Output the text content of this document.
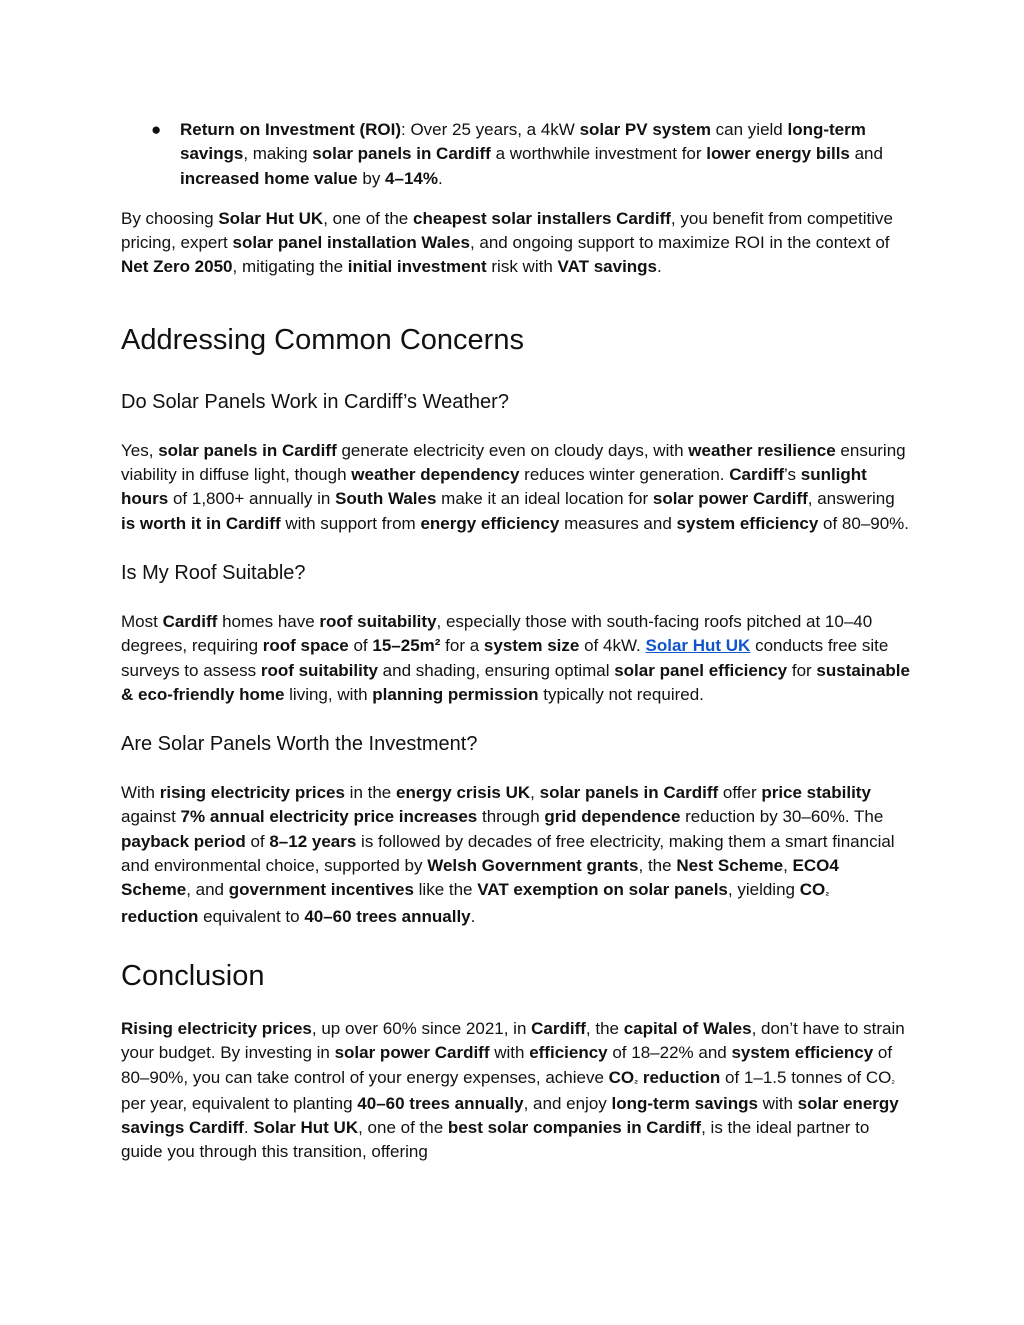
● Return on Investment (ROI): Over 25 years, a 4kW solar PV system can yield long-term savings, making solar panels in Cardiff a worthwhile investment for lower energy bills and increased home value by 4–14%.

By choosing Solar Hut UK, one of the cheapest solar installers Cardiff, you benefit from competitive pricing, expert solar panel installation Wales, and ongoing support to maximize ROI in the context of Net Zero 2050, mitigating the initial investment risk with VAT savings.

Addressing Common Concerns
Do Solar Panels Work in Cardiff’s Weather?

Yes, solar panels in Cardiff generate electricity even on cloudy days, with weather resilience ensuring viability in diffuse light, though weather dependency reduces winter generation. Cardiff’s sunlight hours of 1,800+ annually in South Wales make it an ideal location for solar power Cardiff, answering is worth it in Cardiff with support from energy efficiency measures and system efficiency of 80–90%.

Is My Roof Suitable?

Most Cardiff homes have roof suitability, especially those with south-facing roofs pitched at 10–40 degrees, requiring roof space of 15–25m² for a system size of 4kW. Solar Hut UK conducts free site surveys to assess roof suitability and shading, ensuring optimal solar panel efficiency for sustainable & eco-friendly home living, with planning permission typically not required.

Are Solar Panels Worth the Investment?

With rising electricity prices in the energy crisis UK, solar panels in Cardiff offer price stability against 7% annual electricity price increases through grid dependence reduction by 30–60%. The payback period of 8–12 years is followed by decades of free electricity, making them a smart financial and environmental choice, supported by Welsh Government grants, the Nest Scheme, ECO4 Scheme, and government incentives like the VAT exemption on solar panels, yielding CO₂ reduction equivalent to 40–60 trees annually.

Conclusion

Rising electricity prices, up over 60% since 2021, in Cardiff, the capital of Wales, don’t have to strain your budget. By investing in solar power Cardiff with efficiency of 18–22% and system efficiency of 80–90%, you can take control of your energy expenses, achieve CO₂ reduction of 1–1.5 tonnes of CO₂ per year, equivalent to planting 40–60 trees annually, and enjoy long-term savings with solar energy savings Cardiff. Solar Hut UK, one of the best solar companies in Cardiff, is the ideal partner to guide you through this transition, offering
